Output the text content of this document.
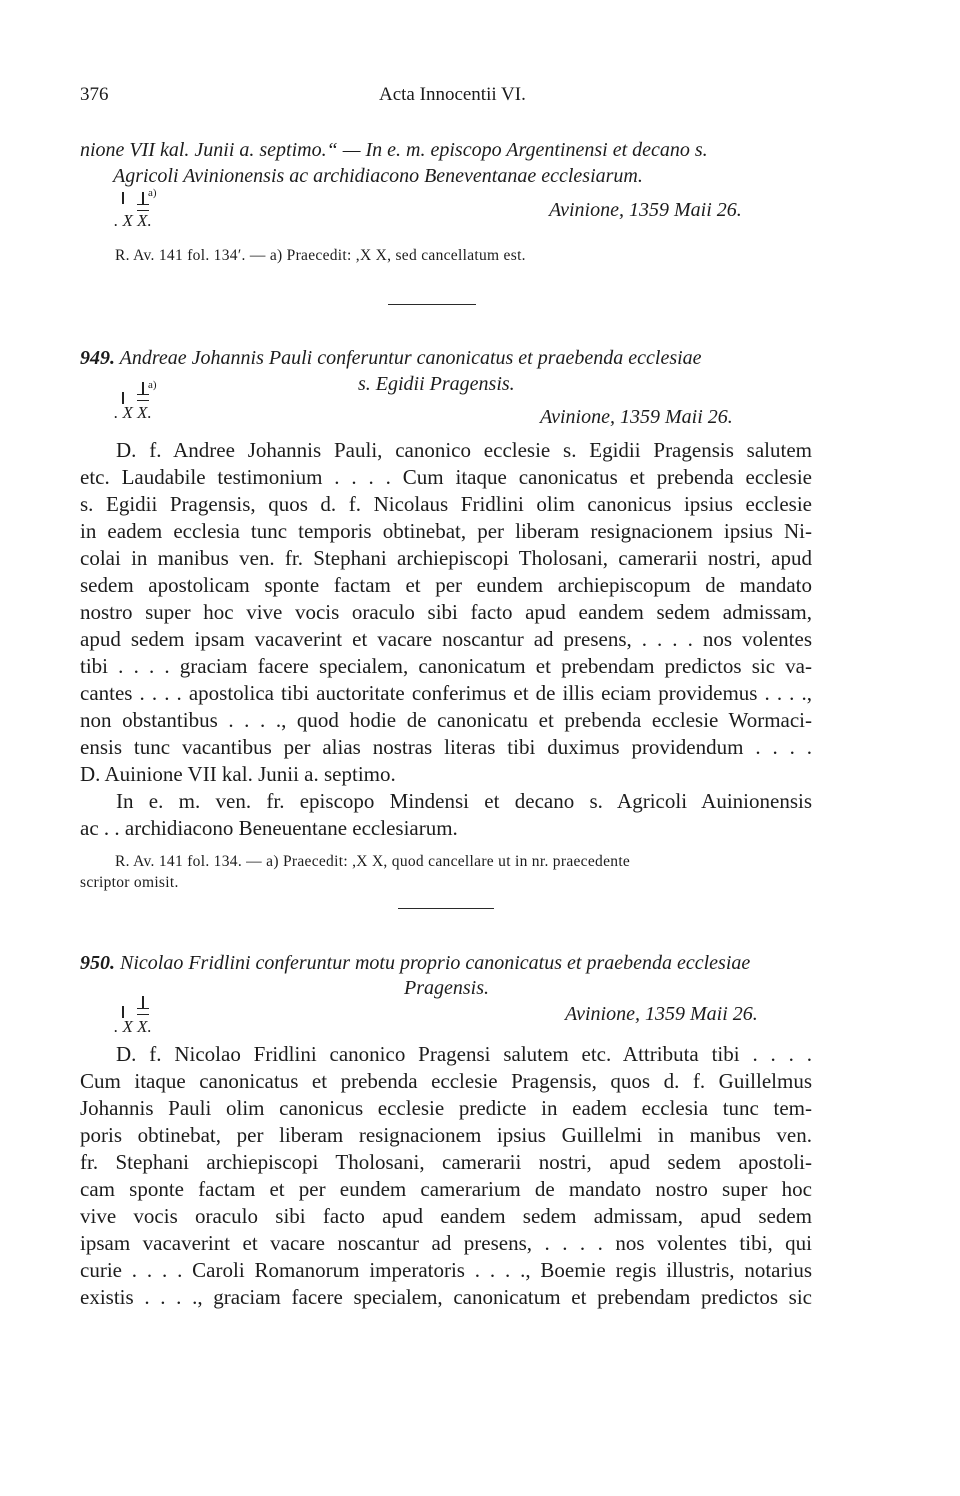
376	Acta Innocentii VI.
nione VII kal. Junii a. septimo.“ — In e. m. episcopo Argentinensi et decano s.
Agricoli Avinionensis ac archidiacono Beneventanae ecclesiarum.
a)
. X X.	Avinione, 1359 Maii 26.
R. Av. 141 fol. 134′. — a) Praecedit: ,X X, sed cancellatum est.
949. Andreae Johannis Pauli conferuntur canonicatus et praebenda ecclesiae
s. Egidii Pragensis.
a)
. X X.	Avinione, 1359 Maii 26.
D. f. Andree Johannis Pauli, canonico ecclesie s. Egidii Pragensis salutem
etc. Laudabile testimonium . . . . Cum itaque canonicatus et prebenda ecclesie
s. Egidii Pragensis, quos d. f. Nicolaus Fridlini olim canonicus ipsius ecclesie
in eadem ecclesia tunc temporis obtinebat, per liberam resignacionem ipsius Ni-
colai in manibus ven. fr. Stephani archiepiscopi Tholosani, camerarii nostri, apud
sedem apostolicam sponte factam et per eundem archiepiscopum de mandato
nostro super hoc vive vocis oraculo sibi facto apud eandem sedem admissam,
apud sedem ipsam vacaverint et vacare noscantur ad presens, . . . . nos volentes
tibi . . . . graciam facere specialem, canonicatum et prebendam predictos sic va-
cantes . . . . apostolica tibi auctoritate conferimus et de illis eciam providemus . . . .,
non obstantibus . . . ., quod hodie de canonicatu et prebenda ecclesie Wormaci-
ensis tunc vacantibus per alias nostras literas tibi duximus providendum . . . .
D. Auinione VII kal. Junii a. septimo.
In e. m. ven. fr. episcopo Mindensi et decano s. Agricoli Auinionensis
ac . . archidiacono Beneuentane ecclesiarum.
R. Av. 141 fol. 134. — a) Praecedit: ,X X, quod cancellare ut in nr. praecedente
scriptor omisit.
950. Nicolao Fridlini conferuntur motu proprio canonicatus et praebenda ecclesiae
Pragensis.
. X X.
Avinione, 1359 Maii 26.
D. f. Nicolao Fridlini canonico Pragensi salutem etc. Attributa tibi . . . .
Cum itaque canonicatus et prebenda ecclesie Pragensis, quos d. f. Guillelmus
Johannis Pauli olim canonicus ecclesie predicte in eadem ecclesia tunc tem-
poris obtinebat, per liberam resignacionem ipsius Guillelmi in manibus ven.
fr. Stephani archiepiscopi Tholosani, camerarii nostri, apud sedem apostoli-
cam sponte factam et per eundem camerarium de mandato nostro super hoc
vive vocis oraculo sibi facto apud eandem sedem admissam, apud sedem
ipsam vacaverint et vacare noscantur ad presens, . . . . nos volentes tibi, qui
curie . . . . Caroli Romanorum imperatoris . . . ., Boemie regis illustris, notarius
existis . . . ., graciam facere specialem, canonicatum et prebendam predictos sic
